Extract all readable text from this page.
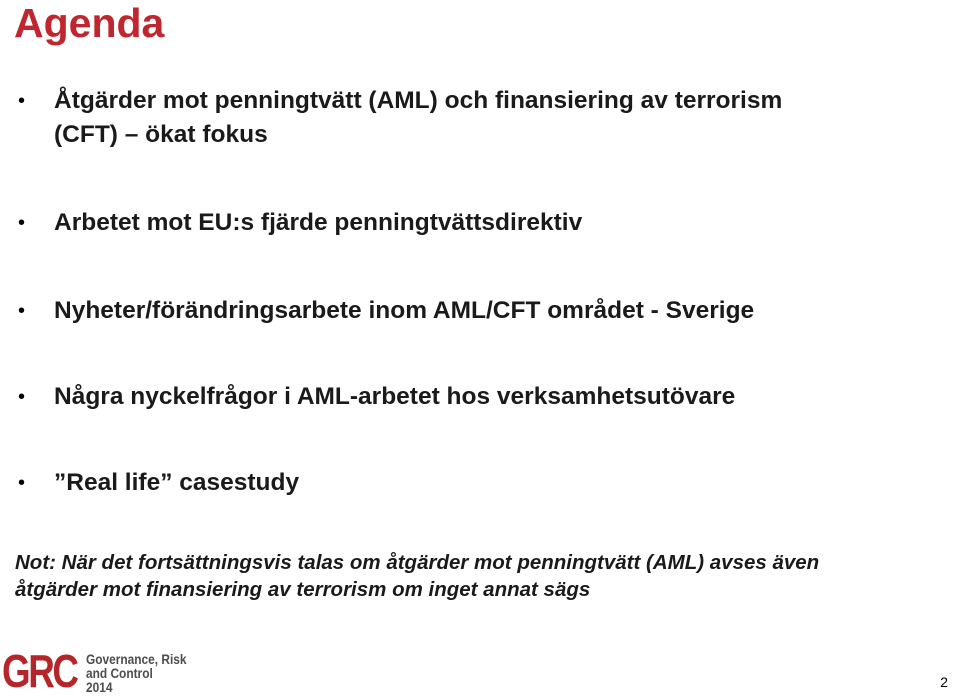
Agenda
• Åtgärder mot penningtvätt (AML) och finansiering av terrorism
(CFT) – ökat fokus
• Arbetet mot EU:s fjärde penningtvättsdirektiv
• Nyheter/förändringsarbete inom AML/CFT området - Sverige
• Några nyckelfrågor i AML-arbetet hos verksamhetsutövare
• ”Real life” casestudy
Not: När det fortsättningsvis talas om åtgärder mot penningtvätt (AML) avses även
åtgärder mot finansiering av terrorism om inget annat sägs
GRC Governance, Risk
and Control
2014	2
